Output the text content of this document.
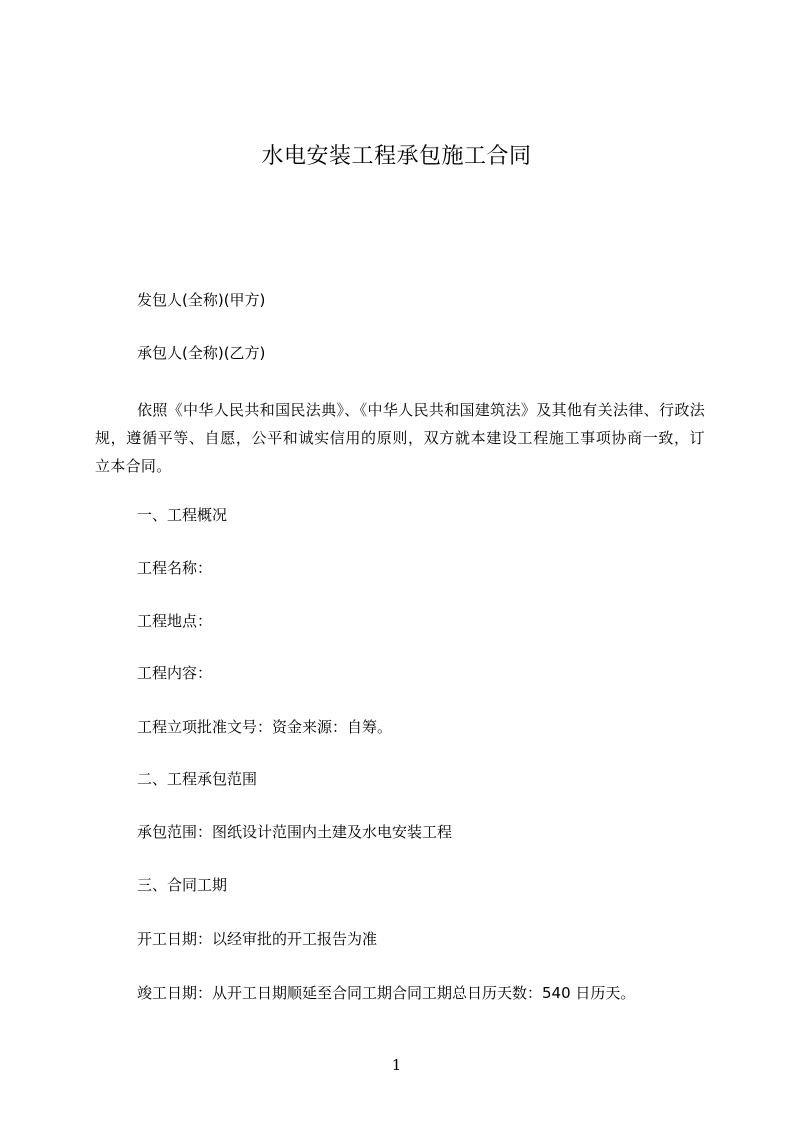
水电安装工程承包施工合同
发包人(全称)(甲方)
承包人(全称)(乙方)
依照《中华人民共和国民法典》、《中华人民共和国建筑法》及其他有关法律、行政法规，遵循平等、自愿，公平和诚实信用的原则，双方就本建设工程施工事项协商一致，订立本合同。
一、工程概况
工程名称：
工程地点：
工程内容：
工程立项批准文号：资金来源：自筹。
二、工程承包范围
承包范围：图纸设计范围内土建及水电安装工程
三、合同工期
开工日期：以经审批的开工报告为准
竣工日期：从开工日期顺延至合同工期合同工期总日历天数：540 日历天。
1
